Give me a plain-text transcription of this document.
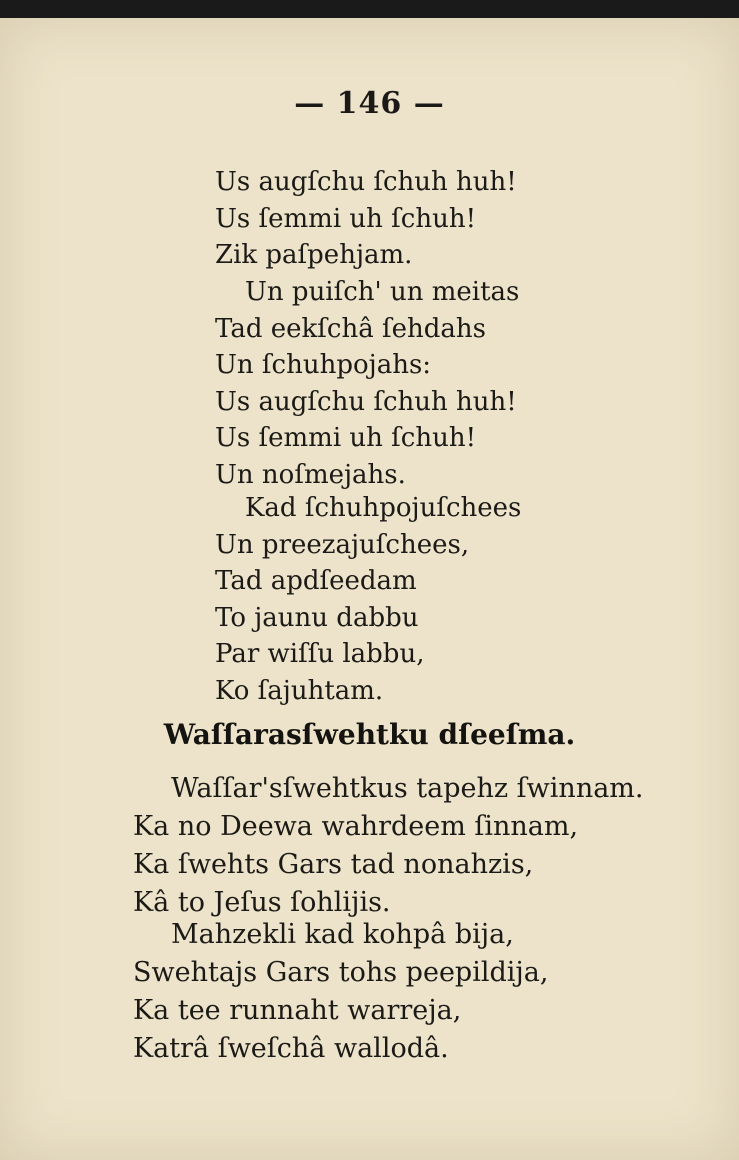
— 146 —
Us augſchu ſchuh huh!
Us ſemmi uh ſchuh!
Zik paſpehjam.
Un puiſch' un meitas
Tad eekſchâ ſehdahs
Un ſchuhpojahs:
Us augſchu ſchuh huh!
Us ſemmi uh ſchuh!
Un noſmejahs.
Kad ſchuhpojuſchees
Un preezajuſchees,
Tad apdſeedam
To jaunu dabbu
Par wiſſu labbu,
Ko ſajuhtam.
Waſſarasſwehtku dſeeſma.
Waſſar'sſwehtkus tapehz ſwinnam.
Ka no Deewa wahrdeem ſinnam,
Ka ſwehts Gars tad nonahzis,
Kâ to Jeſus ſohlijis.
Mahzekli kad kohpâ bija,
Swehtajs Gars tohs peepildija,
Ka tee runnaht warreja,
Katrâ ſweſchâ wallodâ.
